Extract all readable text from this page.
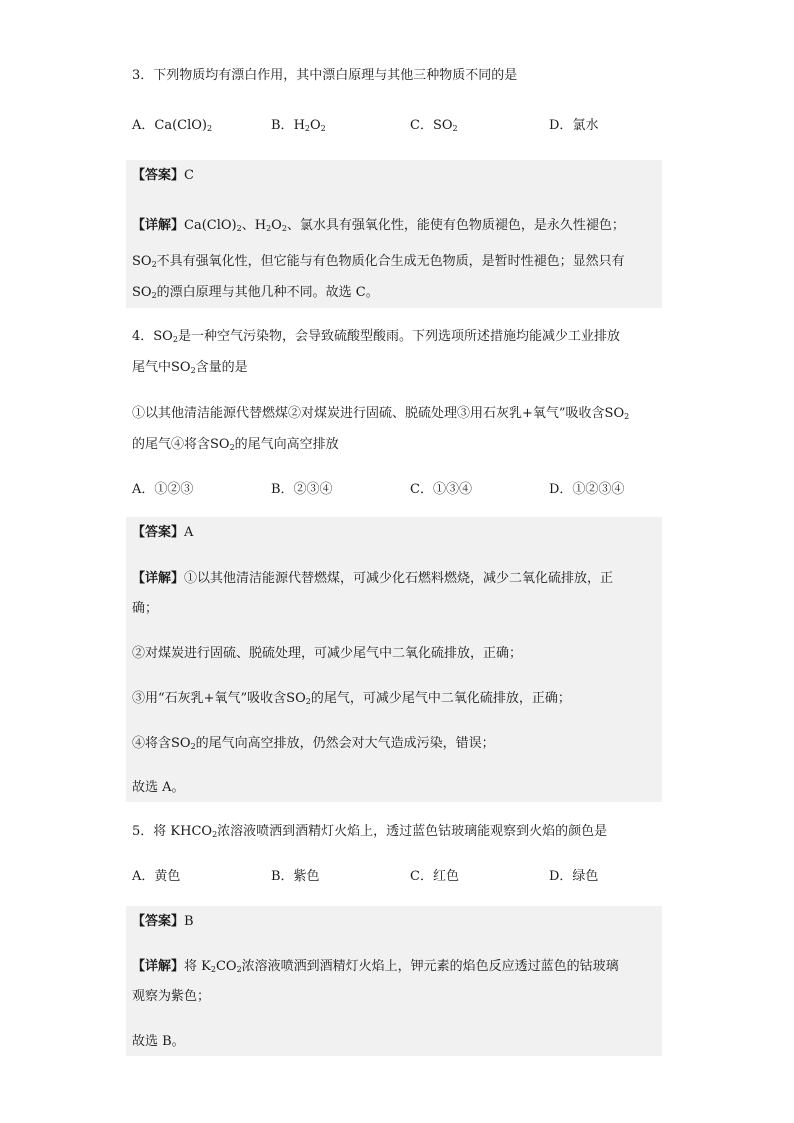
3．下列物质均有漂白作用，其中漂白原理与其他三种物质不同的是
A．$Ca(ClO)_2$	B．$H_2O_2$	C．$SO_2$	D．氯水
【答案】C
【详解】$Ca(ClO)_2$、$H_2O_2$、氯水具有强氧化性，能使有色物质褪色，是永久性褪色；
$SO_2$不具有强氧化性，但它能与有色物质化合生成无色物质，是暂时性褪色；显然只有
$SO_2$的漂白原理与其他几种不同。故选 C。
4．$SO_2$是一种空气污染物，会导致硫酸型酸雨。下列选项所述措施均能减少工业排放
尾气中$SO_2$含量的是
①以其他清洁能源代替燃煤②对煤炭进行固硫、脱硫处理③用石灰乳+氧气”吸收含$SO_2$
的尾气④将含$SO_2$的尾气向高空排放
A．①②③	B．②③④	C．①③④	D．①②③④
【答案】A
【详解】①以其他清洁能源代替燃煤，可减少化石燃料燃烧，减少二氧化硫排放，正
确；
②对煤炭进行固硫、脱硫处理，可减少尾气中二氧化硫排放，正确；
③用“石灰乳+氧气”吸收含$SO_2$的尾气，可减少尾气中二氧化硫排放，正确；
④将含$SO_2$的尾气向高空排放，仍然会对大气造成污染，错误；
故选 A。
5．将 $KHCO_2$浓溶液喷洒到酒精灯火焰上，透过蓝色钴玻璃能观察到火焰的颜色是
A．黄色	B．紫色	C．红色	D．绿色
【答案】B
【详解】将 $K_2CO_2$浓溶液喷洒到酒精灯火焰上，钾元素的焰色反应透过蓝色的钴玻璃
观察为紫色；
故选 B。
